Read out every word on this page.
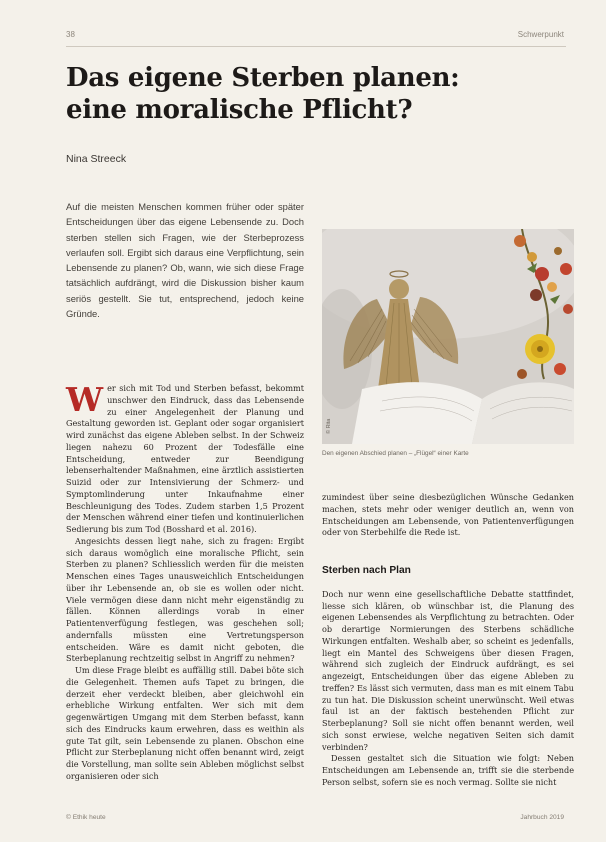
38	Schwerpunkt
Das eigene Sterben planen:
eine moralische Pflicht?
Nina Streeck

Auf die meisten Menschen kommen früher oder später Entscheidungen über das eigene Lebensende zu. Doch sterben stellen sich Fragen, wie der Sterbeprozess verlaufen soll. Ergibt sich daraus eine Verpflichtung, sein Lebensende zu planen? Ob, wann, wie sich diese Frage tatsächlich aufdrängt, wird die Diskussion bisher kaum seriös gestellt. Sie tut, entsprechend, jedoch keine Gründe.

© Rita
Den eigenen Abschied planen – „Flügel“ einer Karte

Wer sich mit Tod und Sterben befasst, bekommt unschwer den Eindruck, dass das Lebensende zu einer Angelegenheit der Planung und Gestaltung geworden ist. Geplant oder sogar organisiert wird zunächst das eigene Ableben selbst. In der Schweiz liegen nahezu 60 Prozent der Todesfälle eine Entscheidung, entweder zur Beendigung lebenserhaltender Maßnahmen, eine ärztlich assistierten Suizid oder zur Intensivierung der Schmerz- und Symptomlinderung unter Inkaufnahme einer Beschleunigung des Todes. Zudem starben 1,5 Prozent der Menschen während einer tiefen und kontinuierlichen Sedierung bis zum Tod (Bosshard et al. 2016).

Angesichts dessen liegt nahe, sich zu fragen: Ergibt sich daraus womöglich eine moralische Pflicht, sein Sterben zu planen? Schliesslich werden für die meisten Menschen eines Tages unausweichlich Entscheidungen über ihr Lebensende an, ob sie es wollen oder nicht. Viele vermögen diese dann nicht mehr eigenständig zu fällen. Können allerdings vorab in einer Patientenverfügung festlegen, was geschehen soll; andernfalls müssten eine Vertretungsperson entscheiden. Wäre es damit nicht geboten, die Sterbeplanung rechtzeitig selbst in Angriff zu nehmen?

Um diese Frage bleibt es auffällig still. Dabei böte sich die Gelegenheit. Themen aufs Tapet zu bringen, die derzeit eher verdeckt bleiben, aber gleichwohl ein erhebliche Wirkung entfalten. Wer sich mit dem gegenwärtigen Umgang mit dem Sterben befasst, kann sich des Eindrucks kaum erwehren, dass es weithin als gute Tat gilt, sein Lebensende zu planen. Obschon eine Pflicht zur Sterbeplanung nicht offen benannt wird, zeigt die Vorstellung, man sollte sein Ableben möglichst selbst organisieren oder sich

zumindest über seine diesbezüglichen Wünsche Gedanken machen, stets mehr oder weniger deutlich an, wenn von Entscheidungen am Lebensende, von Patientenverfügungen oder von Sterbehilfe die Rede ist.

Sterben nach Plan

Doch nur wenn eine gesellschaftliche Debatte stattfindet, liesse sich klären, ob wünschbar ist, die Planung des eigenen Lebensendes als Verpflichtung zu betrachten. Oder ob derartige Normierungen des Sterbens schädliche Wirkungen entfalten. Weshalb aber, so scheint es jedenfalls, liegt ein Mantel des Schweigens über diesen Fragen, während sich zugleich der Eindruck aufdrängt, es sei angezeigt, Entscheidungen über das eigene Ableben zu treffen? Es lässt sich vermuten, dass man es mit einem Tabu zu tun hat. Die Diskussion scheint unerwünscht. Weil etwas faul ist an der faktisch bestehenden Pflicht zur Sterbeplanung? Soll sie nicht offen benannt werden, weil sich sonst erwiese, welche negativen Seiten sich damit verbinden?

Dessen gestaltet sich die Situation wie folgt: Neben Entscheidungen am Lebensende an, trifft sie die sterbende Person selbst, sofern sie es noch vermag. Sollte sie nicht

© Ethik heute	Jahrbuch 2019
